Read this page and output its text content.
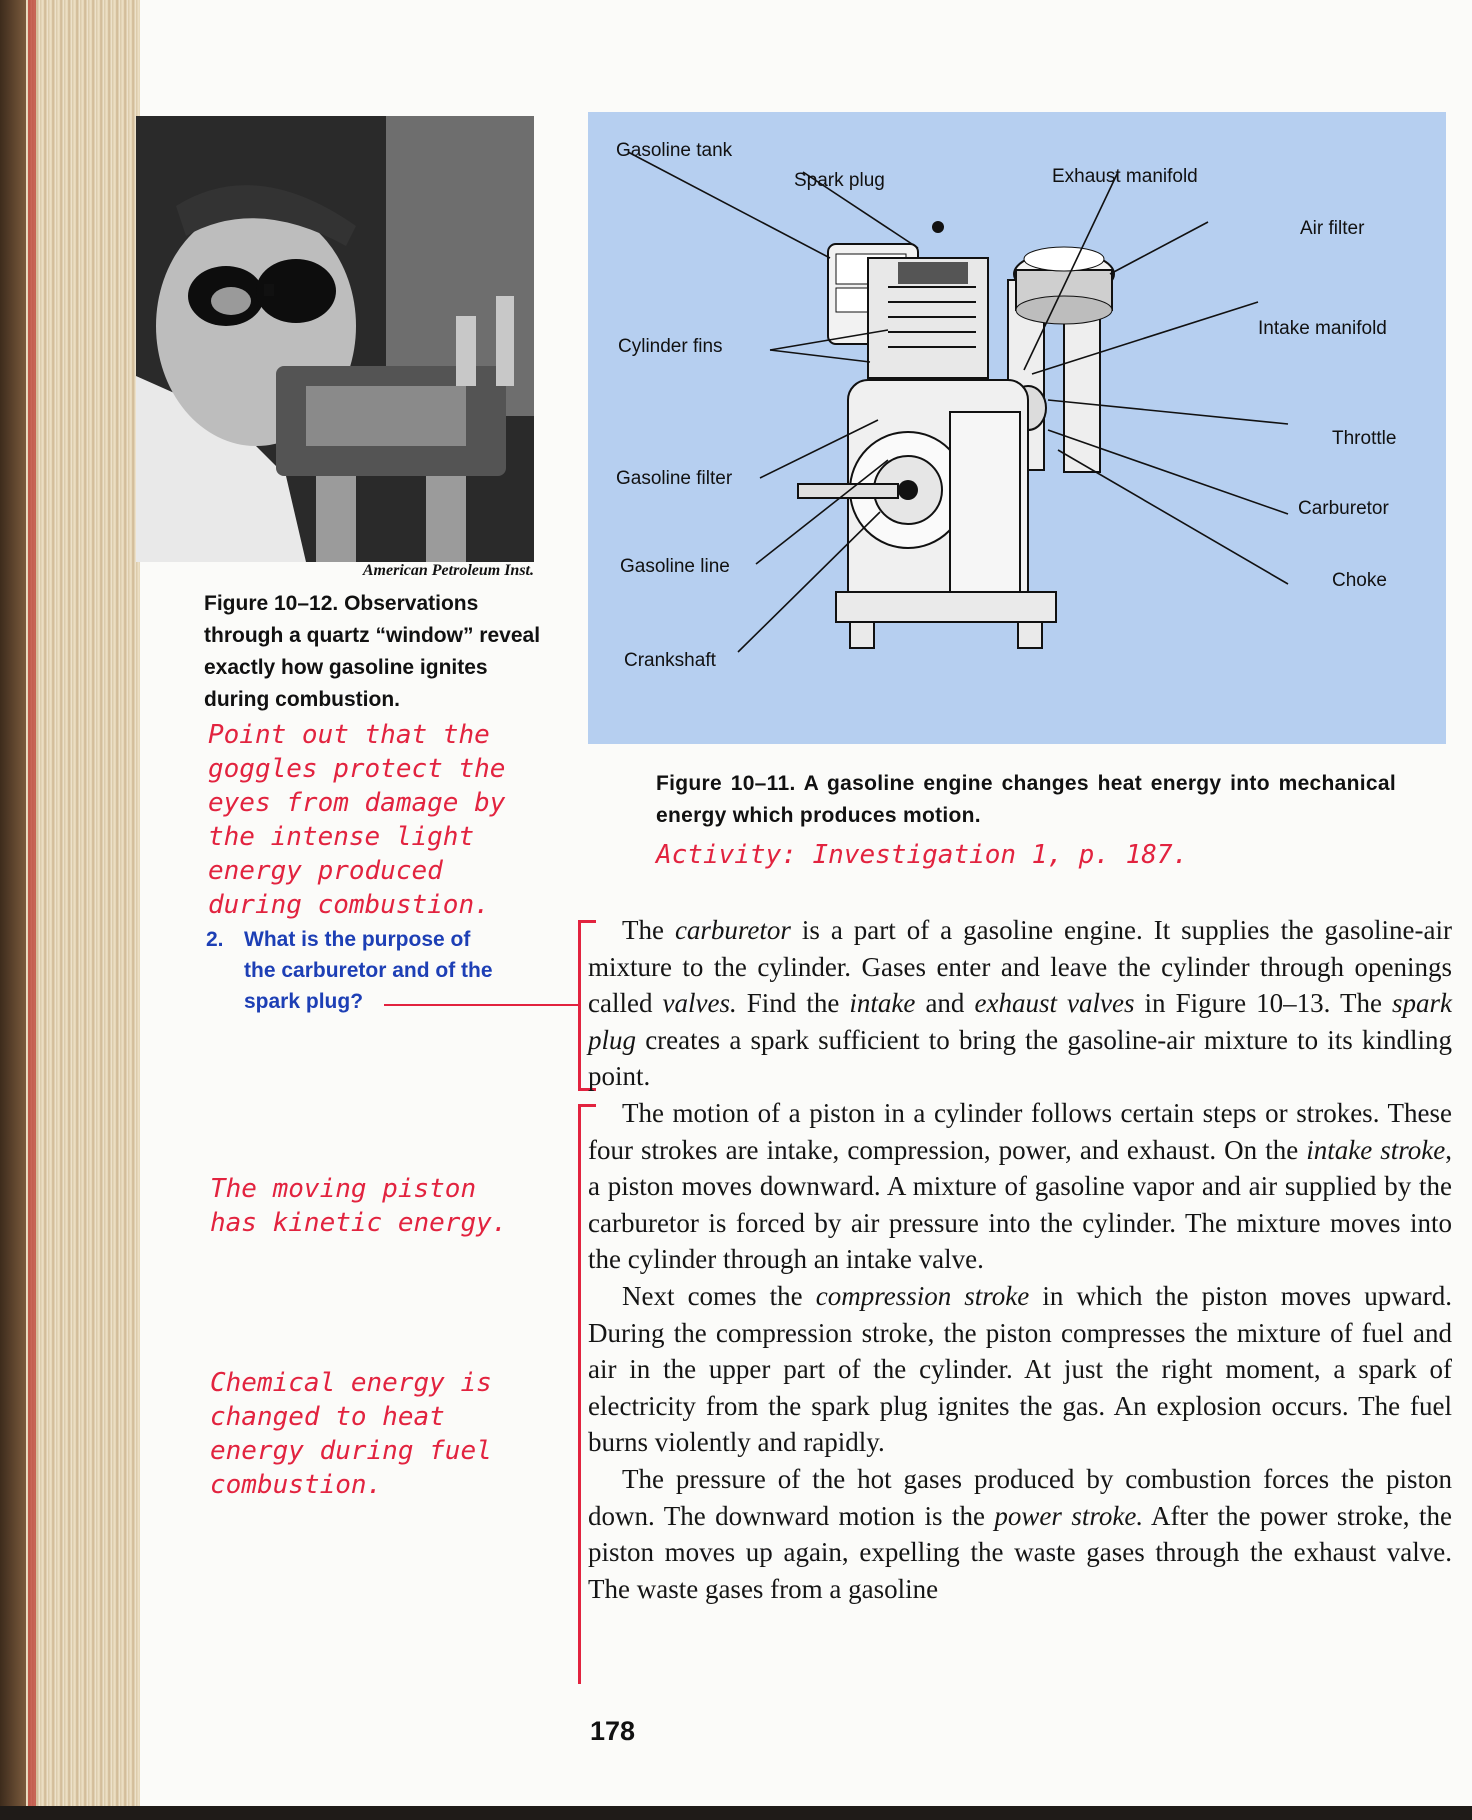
American Petroleum Inst.
Figure 10–12. Observations through a quartz “window” reveal exactly how gasoline ignites during combustion.
Point out that the
goggles protect the
eyes from damage by
the intense light
energy produced
during combustion.
The moving piston
has kinetic energy.
Chemical energy is
changed to heat
energy during fuel
combustion.
Activity: Investigation 1, p. 187.
2. What is the purpose of
the carburetor and of the
spark plug?
Gasoline tank
Spark plug	Exhaust manifold
Air filter
Intake manifold
Cylinder fins
Throttle
Gasoline filter
Carburetor
Gasoline line
Choke
Crankshaft
Figure 10–11. A gasoline engine changes heat energy into mechanical energy which produces motion.

The carburetor is a part of a gasoline engine. It supplies the gasoline-air mixture to the cylinder. Gases enter and leave the cylinder through openings called valves. Find the intake and exhaust valves in Figure 10–13. The spark plug creates a spark sufficient to bring the gasoline-air mixture to its kindling point.

The motion of a piston in a cylinder follows certain steps or strokes. These four strokes are intake, compression, power, and exhaust. On the intake stroke, a piston moves downward. A mixture of gasoline vapor and air supplied by the carburetor is forced by air pressure into the cylinder. The mixture moves into the cylinder through an intake valve.

Next comes the compression stroke in which the piston moves upward. During the compression stroke, the piston compresses the mixture of fuel and air in the upper part of the cylinder. At just the right moment, a spark of electricity from the spark plug ignites the gas. An explosion occurs. The fuel burns violently and rapidly.

The pressure of the hot gases produced by combustion forces the piston down. The downward motion is the power stroke. After the power stroke, the piston moves up again, expelling the waste gases through the exhaust valve. The waste gases from a gasoline

178
